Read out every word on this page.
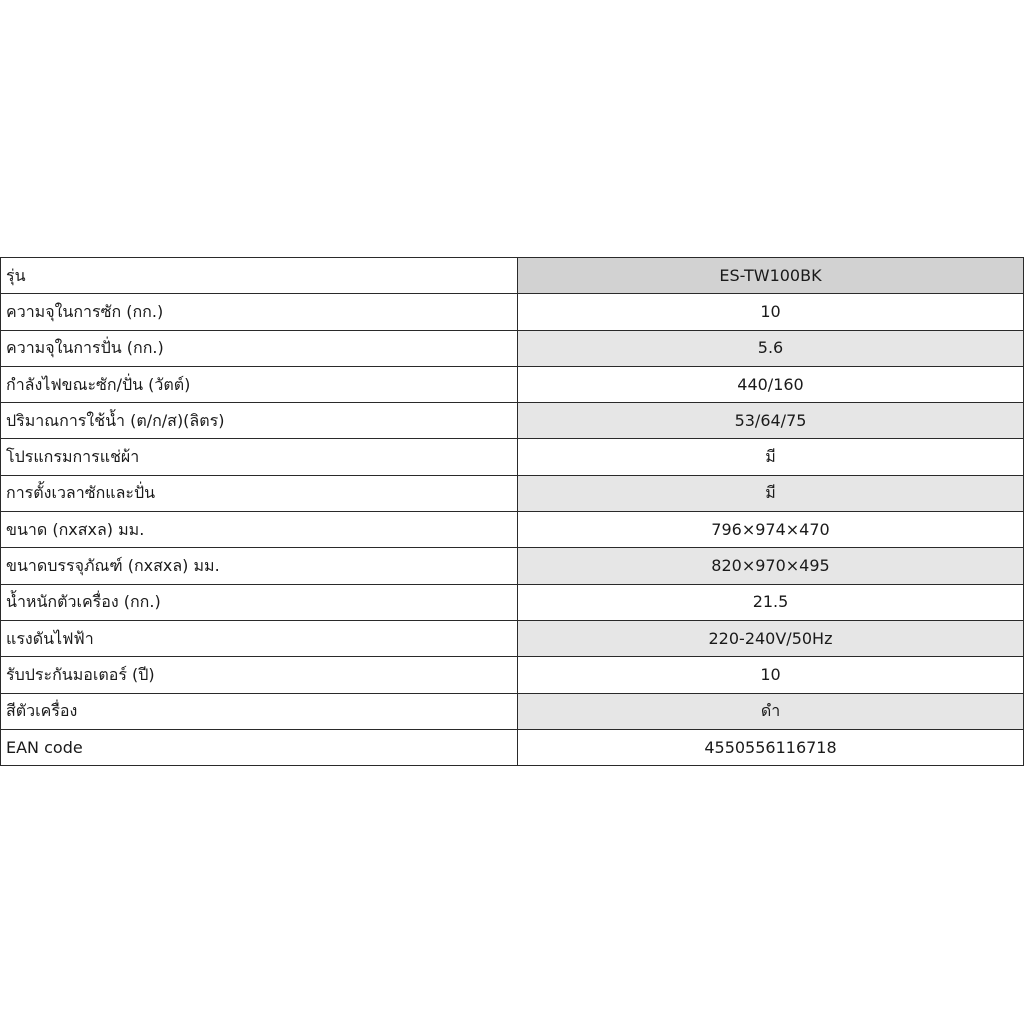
รุ่น	ES-TW100BK
ความจุในการซัก (กก.)	10
ความจุในการปั่น (กก.)	5.6
กำลังไฟขณะซัก/ปั่น (วัตต์)	440/160
ปริมาณการใช้น้ำ (ต/ก/ส)(ลิตร)	53/64/75
โปรแกรมการแช่ผ้า	มี
การตั้งเวลาซักและปั่น	มี
ขนาด (กxสxล) มม.	796×974×470
ขนาดบรรจุภัณฑ์ (กxสxล) มม.	820×970×495
น้ำหนักตัวเครื่อง (กก.)	21.5
แรงดันไฟฟ้า	220-240V/50Hz
รับประกันมอเตอร์ (ปี)	10
สีตัวเครื่อง	ดำ
EAN code	4550556116718
